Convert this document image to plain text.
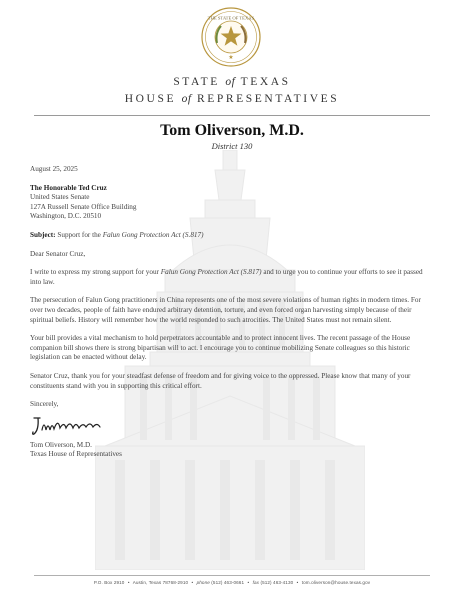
THE STATE OF TEXAS
★
STATE of TEXAS
HOUSE of REPRESENTATIVES
Tom Oliverson, M.D.
District 130
August 25, 2025
The Honorable Ted Cruz
United States Senate
127A Russell Senate Office Building
Washington, D.C. 20510
Subject: Support for the Falun Gong Protection Act (S.817)
Dear Senator Cruz,
I write to express my strong support for your Falun Gong Protection Act (S.817) and to urge you to continue your efforts to see it passed into law.
The persecution of Falun Gong practitioners in China represents one of the most severe violations of human rights in modern times. For over two decades, people of faith have endured arbitrary detention, torture, and even forced organ harvesting simply because of their spiritual beliefs. History will remember how the world responded to such atrocities. The United States must not remain silent.
Your bill provides a vital mechanism to hold perpetrators accountable and to protect innocent lives. The recent passage of the House companion bill shows there is strong bipartisan will to act. I encourage you to continue mobilizing Senate colleagues so this historic legislation can be enacted without delay.
Senator Cruz, thank you for your steadfast defense of freedom and for giving voice to the oppressed. Please know that many of your constituents stand with you in supporting this critical effort.
Sincerely,
Tom Oliverson, M.D.
Texas House of Representatives
P.O. Box 2910 • Austin, Texas 78768-2910 • phone (512) 463-0661 • fax (512) 463-4130 • tom.oliverson@house.texas.gov
